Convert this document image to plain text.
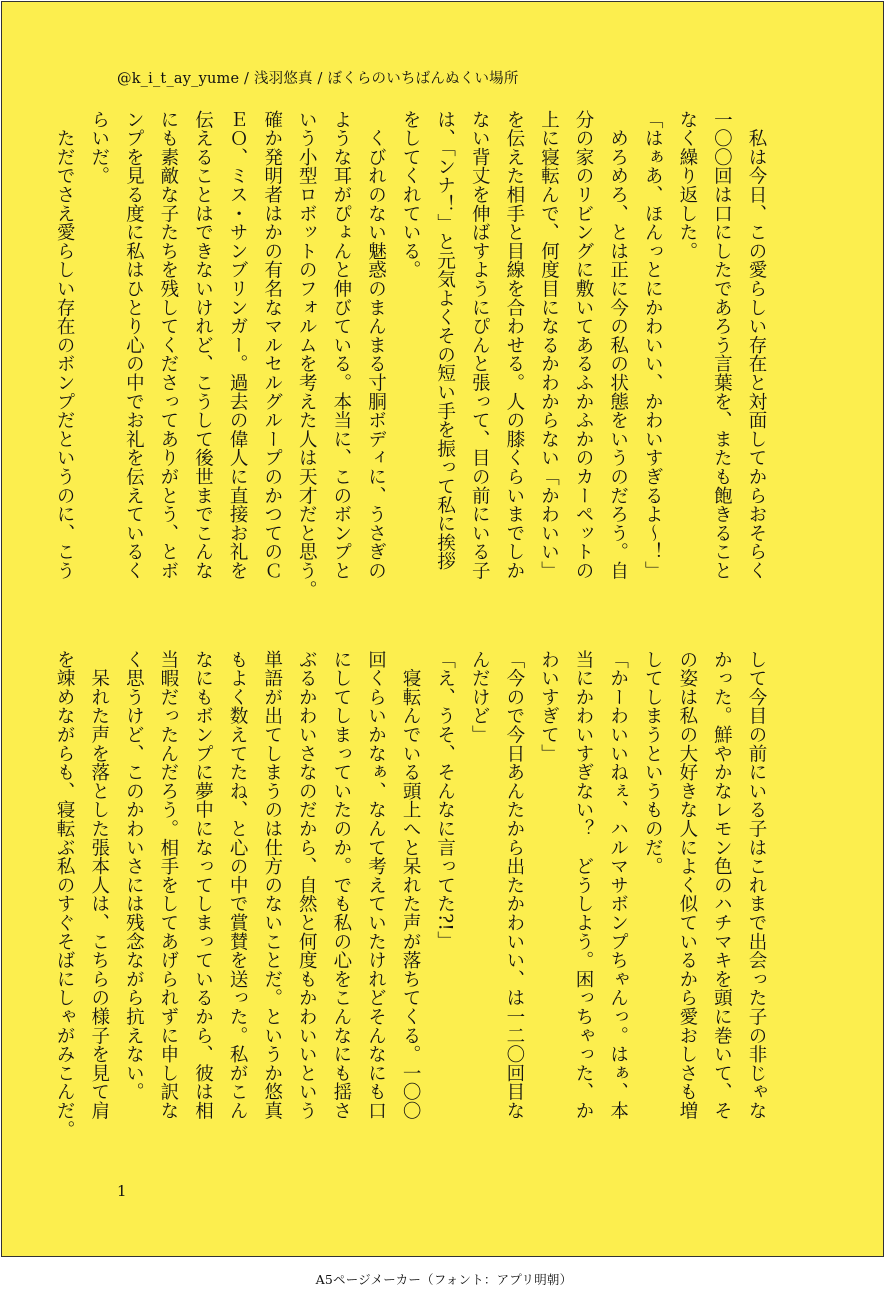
@k_i_t_ay_yume / 浅羽悠真 / ぼくらのいちばんぬくい場所

　私は今日、この愛らしい存在と対面してからおそらく

一〇〇回は口にしたであろう言葉を、またも飽きること

なく繰り返した。

「はぁあ、ほんっとにかわいい、かわいすぎるよ～！」

　めろめろ、とは正に今の私の状態をいうのだろう。自

分の家のリビングに敷いてあるふかふかのカーペットの

上に寝転んで、何度目になるかわからない「かわいい」

を伝えた相手と目線を合わせる。人の膝くらいまでしか

ない背丈を伸ばすようにぴんと張って、目の前にいる子

は、「ンナ！」と元気よくその短い手を振って私に挨拶

をしてくれている。

　くびれのない魅惑のまんまる寸胴ボディに、うさぎの

ような耳がぴょんと伸びている。本当に、このボンプと

いう小型ロボットのフォルムを考えた人は天才だと思う。

確か発明者はかの有名なマルセルグループのかつてのＣ

ＥＯ、ミス・サンブリンガー。過去の偉人に直接お礼を

伝えることはできないけれど、こうして後世までこんな

にも素敵な子たちを残してくださってありがとう、とボ

ンプを見る度に私はひとり心の中でお礼を伝えているく

らいだ。

　ただでさえ愛らしい存在のボンプだというのに、こう

して今目の前にいる子はこれまで出会った子の非じゃな

かった。鮮やかなレモン色のハチマキを頭に巻いて、そ

の姿は私の大好きな人によく似ているから愛おしさも増

してしまうというものだ。

「かーわいいねぇ、ハルマサボンプちゃんっ。はぁ、本

当にかわいすぎない？　どうしよう。困っちゃった、か

わいすぎて」

「今ので今日あんたから出たかわいい、は一二〇回目な

んだけど」

「え、うそ、そんなに言ってた?!」

　寝転んでいる頭上へと呆れた声が落ちてくる。一〇〇

回くらいかなぁ、なんて考えていたけれどそんなにも口

にしてしまっていたのか。でも私の心をこんなにも揺さ

ぶるかわいさなのだから、自然と何度もかわいいという

単語が出てしまうのは仕方のないことだ。というか悠真

もよく数えてたね、と心の中で賞賛を送った。私がこん

なにもボンプに夢中になってしまっているから、彼は相

当暇だったんだろう。相手をしてあげられずに申し訳な

く思うけど、このかわいさには残念ながら抗えない。

　呆れた声を落とした張本人は、こちらの様子を見て肩

を竦めながらも、寝転ぶ私のすぐそばにしゃがみこんだ。

1
A5ページメーカー（フォント：アプリ明朝）
